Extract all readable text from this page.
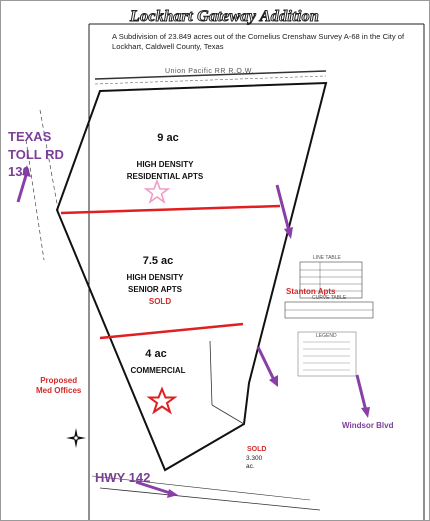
Lockhart Gateway Addition
A Subdivision of 23.849 acres out of the Cornelius Crenshaw Survey A-68 in the City of Lockhart, Caldwell County, Texas
Union Pacific RR R.O.W.
9 ac
HIGH DENSITY
RESIDENTIAL APTS
7.5 ac
HIGH DENSITY
SENIOR APTS
SOLD
4 ac
COMMERCIAL
TEXAS
TOLL RD
130
HWY 142
Windsor Blvd
Stanton Apts
Proposed
Med Offices
SOLD
3.300
ac.
LINE TABLE
CURVE TABLE
LEGEND
